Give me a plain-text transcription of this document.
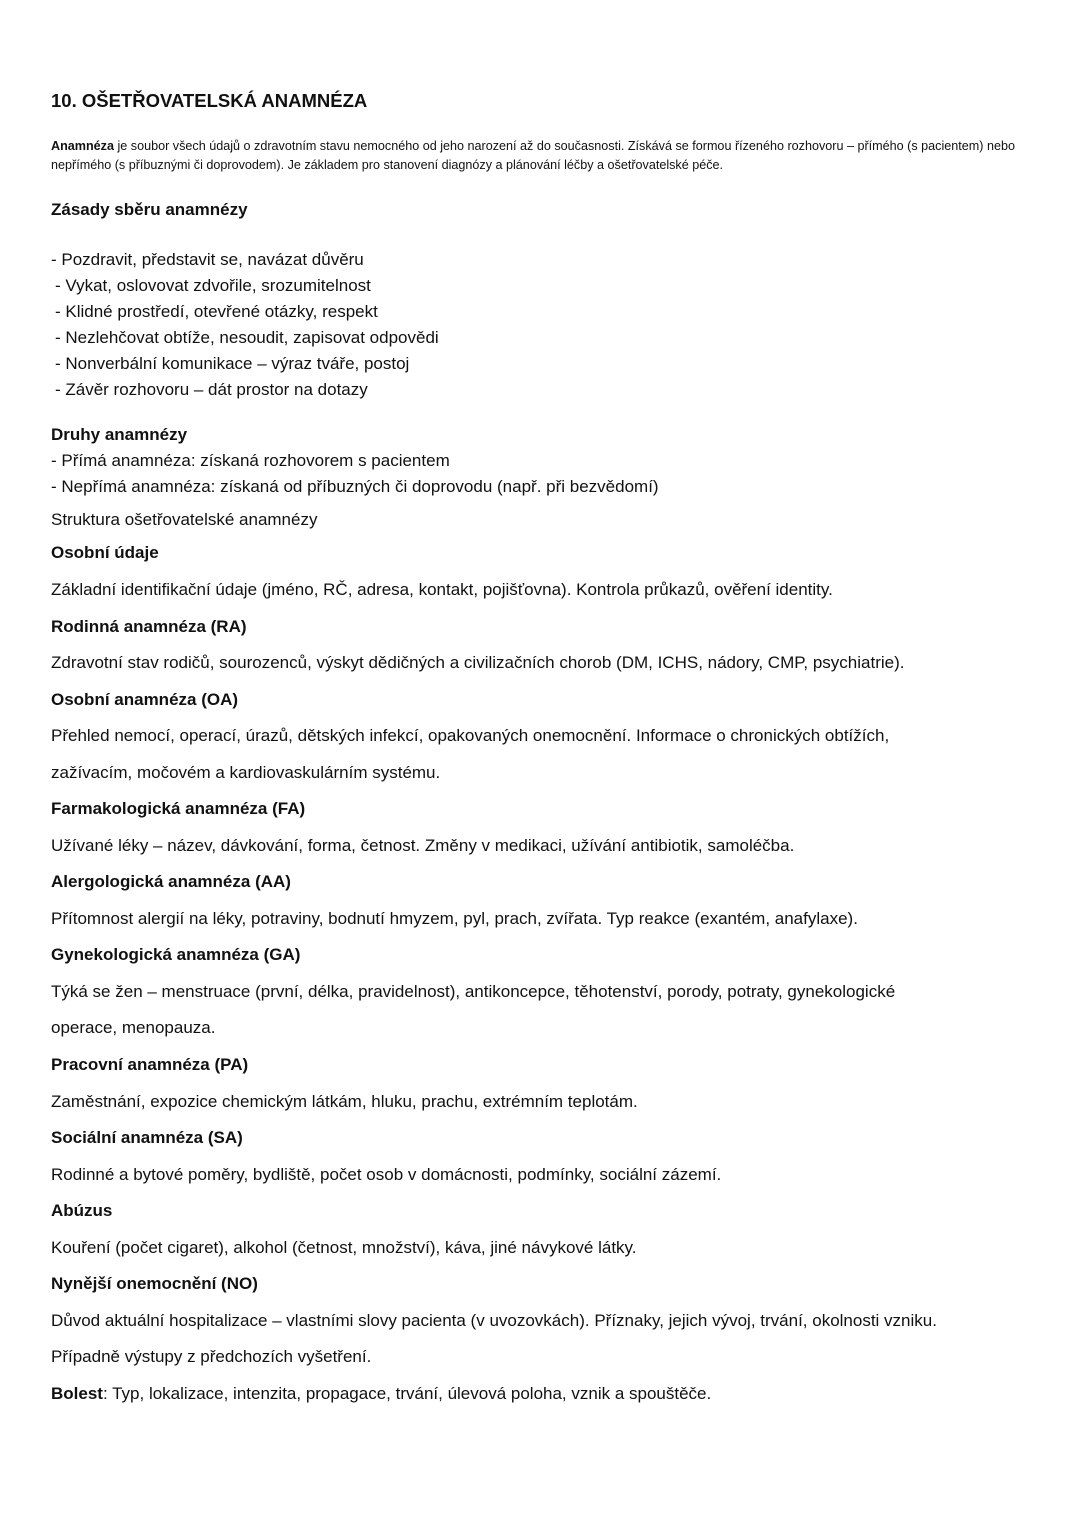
10. OŠETŘOVATELSKÁ ANAMNÉZA

Anamnéza je soubor všech údajů o zdravotním stavu nemocného od jeho narození až do současnosti. Získává se formou řízeného rozhovoru – přímého (s pacientem) nebo nepřímého (s příbuznými či doprovodem). Je základem pro stanovení diagnózy a plánování léčby a ošetřovatelské péče.

Zásady sběru anamnézy
- Pozdravit, představit se, navázat důvěru
- Vykat, oslovovat zdvořile, srozumitelnost
- Klidné prostředí, otevřené otázky, respekt
- Nezlehčovat obtíže, nesoudit, zapisovat odpovědi
- Nonverbální komunikace – výraz tváře, postoj
- Závěr rozhovoru – dát prostor na dotazy
Druhy anamnézy

- Přímá anamnéza: získaná rozhovorem s pacientem

- Nepřímá anamnéza: získaná od příbuzných či doprovodu (např. při bezvědomí)

Struktura ošetřovatelské anamnézy

Osobní údaje

Základní identifikační údaje (jméno, RČ, adresa, kontakt, pojišťovna). Kontrola průkazů, ověření identity.

Rodinná anamnéza (RA)

Zdravotní stav rodičů, sourozenců, výskyt dědičných a civilizačních chorob (DM, ICHS, nádory, CMP, psychiatrie).

Osobní anamnéza (OA)

Přehled nemocí, operací, úrazů, dětských infekcí, opakovaných onemocnění. Informace o chronických obtížích,

zažívacím, močovém a kardiovaskulárním systému.

Farmakologická anamnéza (FA)

Užívané léky – název, dávkování, forma, četnost. Změny v medikaci, užívání antibiotik, samoléčba.

Alergologická anamnéza (AA)

Přítomnost alergií na léky, potraviny, bodnutí hmyzem, pyl, prach, zvířata. Typ reakce (exantém, anafylaxe).

Gynekologická anamnéza (GA)

Týká se žen – menstruace (první, délka, pravidelnost), antikoncepce, těhotenství, porody, potraty, gynekologické

operace, menopauza.

Pracovní anamnéza (PA)

Zaměstnání, expozice chemickým látkám, hluku, prachu, extrémním teplotám.

Sociální anamnéza (SA)

Rodinné a bytové poměry, bydliště, počet osob v domácnosti, podmínky, sociální zázemí.

Abúzus

Kouření (počet cigaret), alkohol (četnost, množství), káva, jiné návykové látky.

Nynější onemocnění (NO)

Důvod aktuální hospitalizace – vlastními slovy pacienta (v uvozovkách). Příznaky, jejich vývoj, trvání, okolnosti vzniku.

Případně výstupy z předchozích vyšetření.

Bolest: Typ, lokalizace, intenzita, propagace, trvání, úlevová poloha, vznik a spouštěče.
